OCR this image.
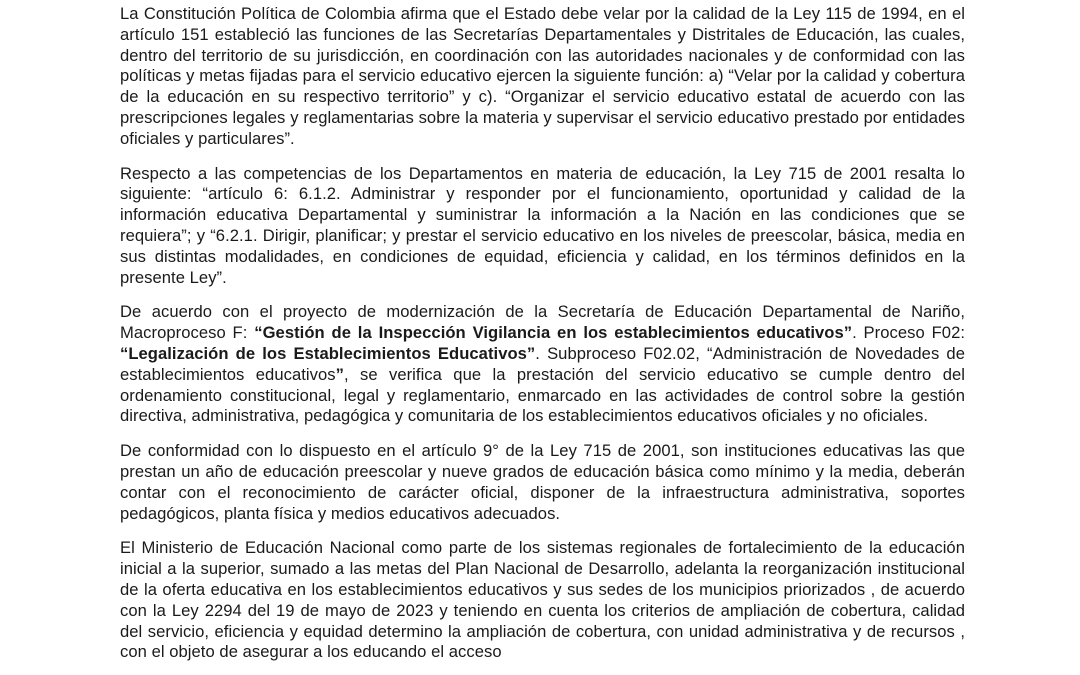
La Constitución Política de Colombia afirma que el Estado debe velar por la calidad de la Ley 115 de 1994, en el artículo 151 estableció las funciones de las Secretarías Departamentales y Distritales de Educación, las cuales, dentro del territorio de su jurisdicción, en coordinación con las autoridades nacionales y de conformidad con las políticas y metas fijadas para el servicio educativo ejercen la siguiente función: a) “Velar por la calidad y cobertura de la educación en su respectivo territorio” y c). “Organizar el servicio educativo estatal de acuerdo con las prescripciones legales y reglamentarias sobre la materia y supervisar el servicio educativo prestado por entidades oficiales y particulares”.

Respecto a las competencias de los Departamentos en materia de educación, la Ley 715 de 2001 resalta lo siguiente: “artículo 6: 6.1.2. Administrar y responder por el funcionamiento, oportunidad y calidad de la información educativa Departamental y suministrar la información a la Nación en las condiciones que se requiera”; y “6.2.1. Dirigir, planificar; y prestar el servicio educativo en los niveles de preescolar, básica, media en sus distintas modalidades, en condiciones de equidad, eficiencia y calidad, en los términos definidos en la presente Ley”.

De acuerdo con el proyecto de modernización de la Secretaría de Educación Departamental de Nariño, Macroproceso F: “Gestión de la Inspección Vigilancia en los establecimientos educativos”. Proceso F02: “Legalización de los Establecimientos Educativos”. Subproceso F02.02, “Administración de Novedades de establecimientos educativos”, se verifica que la prestación del servicio educativo se cumple dentro del ordenamiento constitucional, legal y reglamentario, enmarcado en las actividades de control sobre la gestión directiva, administrativa, pedagógica y comunitaria de los establecimientos educativos oficiales y no oficiales.

De conformidad con lo dispuesto en el artículo 9° de la Ley 715 de 2001, son instituciones educativas las que prestan un año de educación preescolar y nueve grados de educación básica como mínimo y la media, deberán contar con el reconocimiento de carácter oficial, disponer de la infraestructura administrativa, soportes pedagógicos, planta física y medios educativos adecuados.

El Ministerio de Educación Nacional como parte de los sistemas regionales de fortalecimiento de la educación inicial a la superior, sumado a las metas del Plan Nacional de Desarrollo, adelanta la reorganización institucional de la oferta educativa en los establecimientos educativos y sus sedes de los municipios priorizados , de acuerdo con la Ley 2294 del 19 de mayo de 2023 y teniendo en cuenta los criterios de ampliación de cobertura, calidad del servicio, eficiencia y equidad determino la ampliación de cobertura, con unidad administrativa y de recursos , con el objeto de asegurar a los educando el acceso
